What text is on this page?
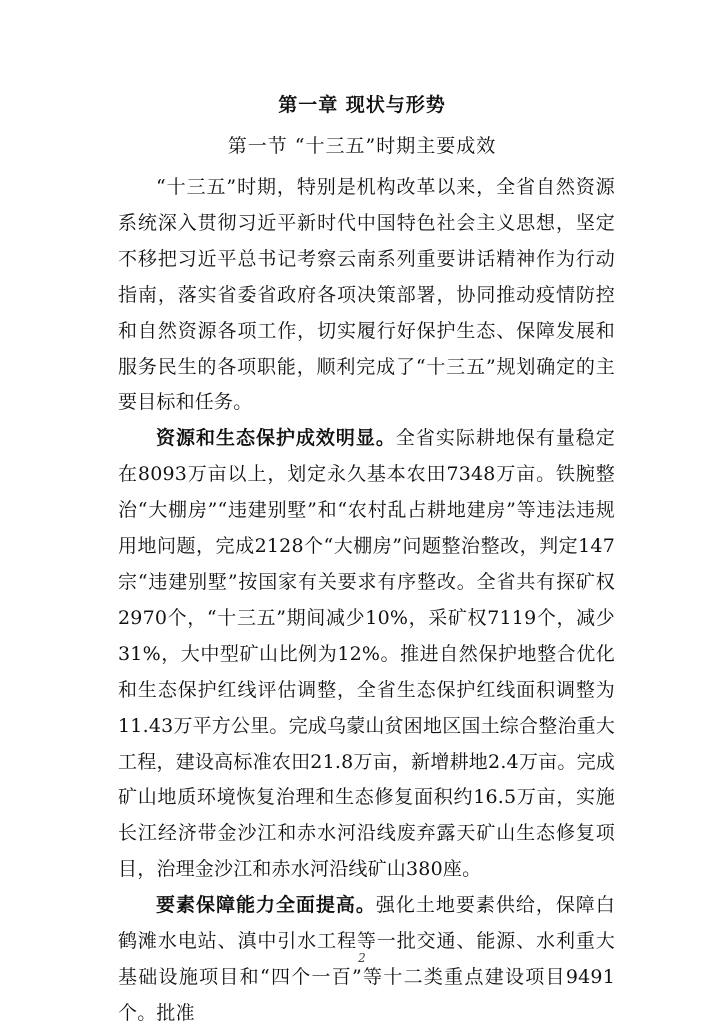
第一章 现状与形势
第一节 “十三五”时期主要成效

“十三五”时期，特别是机构改革以来，全省自然资源系统深入贯彻习近平新时代中国特色社会主义思想，坚定不移把习近平总书记考察云南系列重要讲话精神作为行动指南，落实省委省政府各项决策部署，协同推动疫情防控和自然资源各项工作，切实履行好保护生态、保障发展和服务民生的各项职能，顺利完成了“十三五”规划确定的主要目标和任务。

资源和生态保护成效明显。全省实际耕地保有量稳定在8093万亩以上，划定永久基本农田7348万亩。铁腕整治“大棚房”“违建别墅”和“农村乱占耕地建房”等违法违规用地问题，完成2128个“大棚房”问题整治整改，判定147宗“违建别墅”按国家有关要求有序整改。全省共有探矿权2970个，“十三五”期间减少10%，采矿权7119个，减少31%，大中型矿山比例为12%。推进自然保护地整合优化和生态保护红线评估调整，全省生态保护红线面积调整为11.43万平方公里。完成乌蒙山贫困地区国土综合整治重大工程，建设高标准农田21.8万亩，新增耕地2.4万亩。完成矿山地质环境恢复治理和生态修复面积约16.5万亩，实施长江经济带金沙江和赤水河沿线废弃露天矿山生态修复项目，治理金沙江和赤水河沿线矿山380座。

要素保障能力全面提高。强化土地要素供给，保障白鹤滩水电站、滇中引水工程等一批交通、能源、水利重大基础设施项目和“四个一百”等十二类重点建设项目9491个。批准

2
